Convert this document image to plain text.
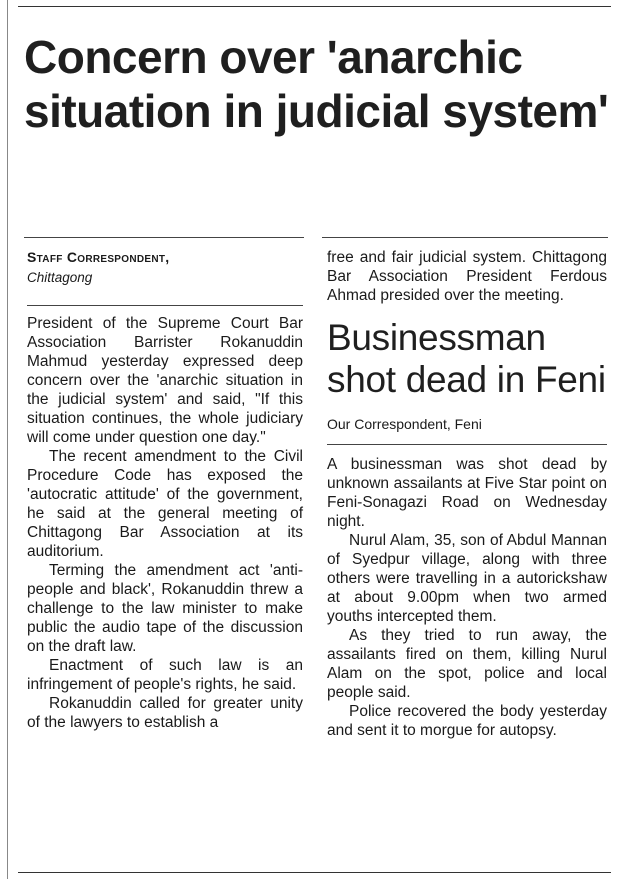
Concern over 'anarchic situation in judicial system'
Staff Correspondent,
Chittagong

President of the Supreme Court Bar Association Barrister Rokanuddin Mahmud yesterday expressed deep concern over the 'anarchic situation in the judicial system' and said, "If this situation continues, the whole judiciary will come under question one day."

The recent amendment to the Civil Procedure Code has exposed the 'autocratic attitude' of the government, he said at the general meeting of Chittagong Bar Association at its auditorium.

Terming the amendment act 'anti-people and black', Rokanuddin threw a challenge to the law minister to make public the audio tape of the discussion on the draft law.

Enactment of such law is an infringement of people's rights, he said.

Rokanuddin called for greater unity of the lawyers to establish a

free and fair judicial system. Chittagong Bar Association President Ferdous Ahmad presided over the meeting.

Businessman shot dead in Feni
Our Correspondent, Feni

A businessman was shot dead by unknown assailants at Five Star point on Feni-Sonagazi Road on Wednesday night.

Nurul Alam, 35, son of Abdul Mannan of Syedpur village, along with three others were travelling in a autorickshaw at about 9.00pm when two armed youths intercepted them.

As they tried to run away, the assailants fired on them, killing Nurul Alam on the spot, police and local people said.

Police recovered the body yesterday and sent it to morgue for autopsy.
